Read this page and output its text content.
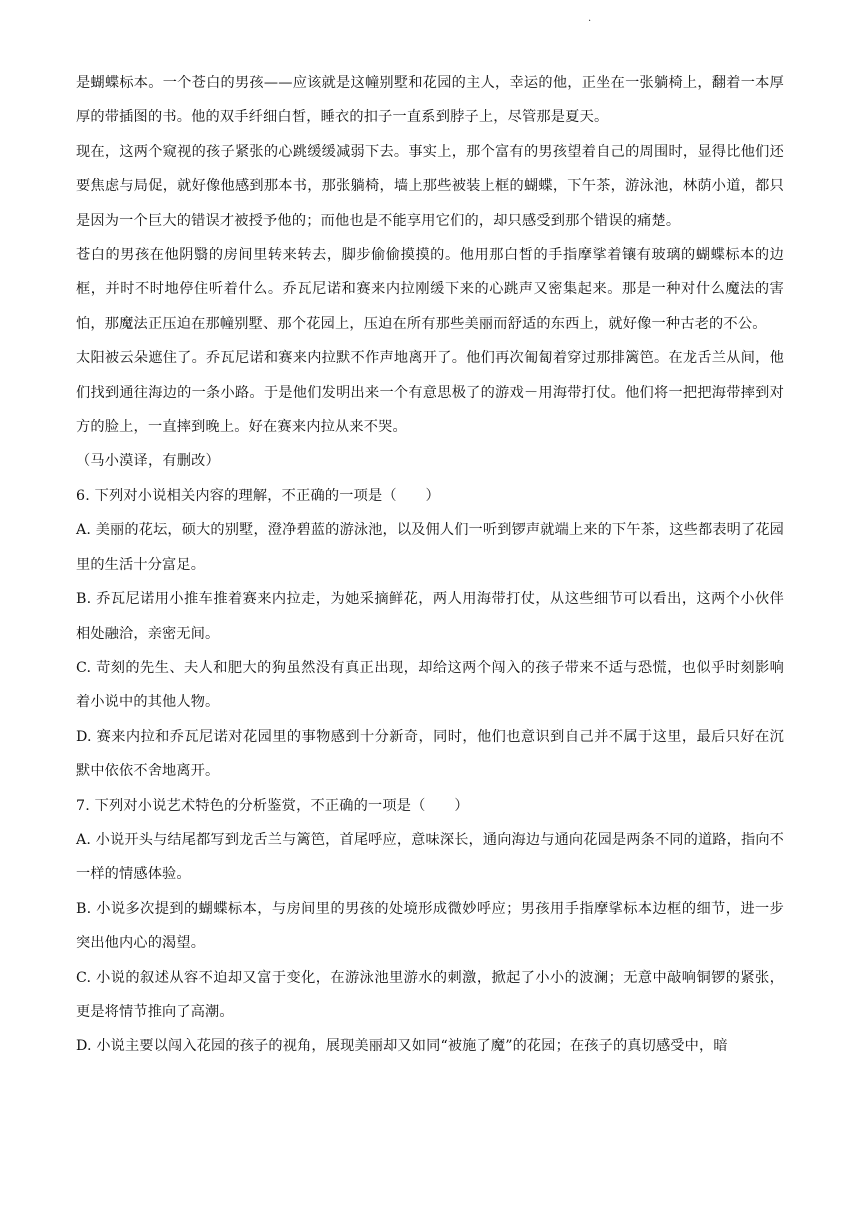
.

是蝴蝶标本。一个苍白的男孩——应该就是这幢别墅和花园的主人，幸运的他，正坐在一张躺椅上，翻着一本厚厚的带插图的书。他的双手纤细白皙，睡衣的扣子一直系到脖子上，尽管那是夏天。

现在，这两个窥视的孩子紧张的心跳缓缓减弱下去。事实上，那个富有的男孩望着自己的周围时，显得比他们还要焦虑与局促，就好像他感到那本书，那张躺椅，墙上那些被装上框的蝴蝶，下午茶，游泳池，林荫小道，都只是因为一个巨大的错误才被授予他的；而他也是不能享用它们的，却只感受到那个错误的痛楚。

苍白的男孩在他阴翳的房间里转来转去，脚步偷偷摸摸的。他用那白皙的手指摩挲着镶有玻璃的蝴蝶标本的边框，并时不时地停住听着什么。乔瓦尼诺和赛来内拉刚缓下来的心跳声又密集起来。那是一种对什么魔法的害怕，那魔法正压迫在那幢别墅、那个花园上，压迫在所有那些美丽而舒适的东西上，就好像一种古老的不公。

太阳被云朵遮住了。乔瓦尼诺和赛来内拉默不作声地离开了。他们再次匍匐着穿过那排篱笆。在龙舌兰从间，他们找到通往海边的一条小路。于是他们发明出来一个有意思极了的游戏－用海带打仗。他们将一把把海带摔到对方的脸上，一直摔到晚上。好在赛来内拉从来不哭。

（马小漠译，有删改）

6. 下列对小说相关内容的理解，不正确的一项是（　　）

A. 美丽的花坛，硕大的别墅，澄净碧蓝的游泳池，以及佣人们一听到锣声就端上来的下午茶，这些都表明了花园里的生活十分富足。

B. 乔瓦尼诺用小推车推着赛来内拉走，为她采摘鲜花，两人用海带打仗，从这些细节可以看出，这两个小伙伴相处融洽，亲密无间。

C. 苛刻的先生、夫人和肥大的狗虽然没有真正出现，却给这两个闯入的孩子带来不适与恐慌，也似乎时刻影响着小说中的其他人物。

D. 赛来内拉和乔瓦尼诺对花园里的事物感到十分新奇，同时，他们也意识到自己并不属于这里，最后只好在沉默中依依不舍地离开。

7. 下列对小说艺术特色的分析鉴赏，不正确的一项是（　　）

A. 小说开头与结尾都写到龙舌兰与篱笆，首尾呼应，意味深长，通向海边与通向花园是两条不同的道路，指向不一样的情感体验。

B. 小说多次提到的蝴蝶标本，与房间里的男孩的处境形成微妙呼应；男孩用手指摩挲标本边框的细节，进一步突出他内心的渴望。

C. 小说的叙述从容不迫却又富于变化，在游泳池里游水的刺激，掀起了小小的波澜；无意中敲响铜锣的紧张，更是将情节推向了高潮。

D. 小说主要以闯入花园的孩子的视角，展现美丽却又如同“被施了魔”的花园；在孩子的真切感受中，暗
